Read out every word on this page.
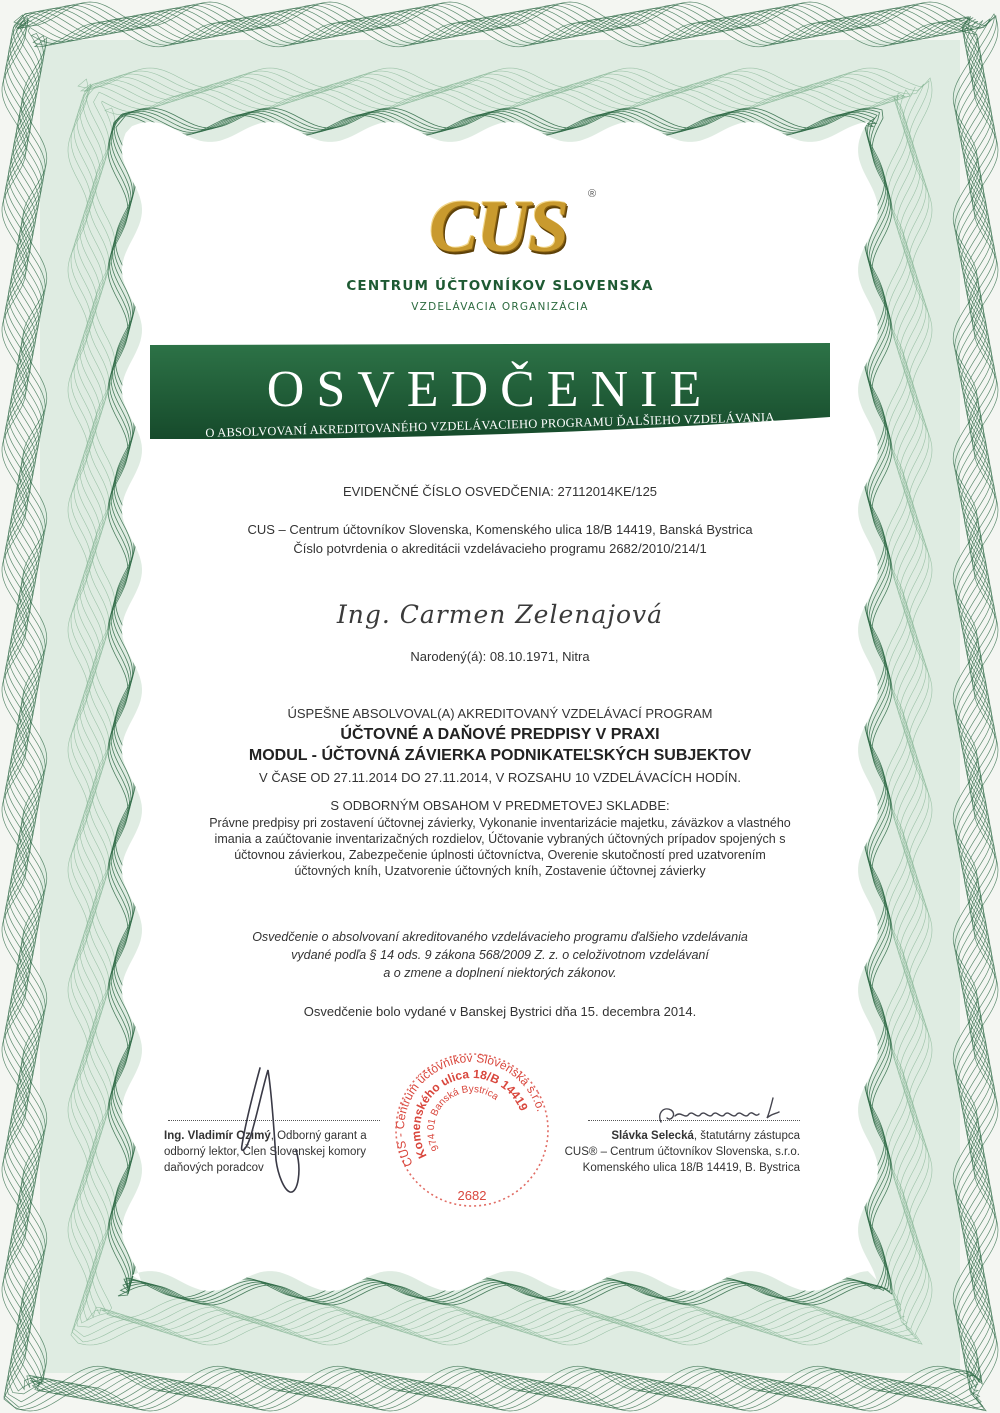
CUS	®
CENTRUM ÚČTOVNÍKOV SLOVENSKA
VZDELÁVACIA ORGANIZÁCIA
OSVEDČENIE
O ABSOLVOVANÍ AKREDITOVANÉHO VZDELÁVACIEHO PROGRAMU ĎALŠIEHO VZDELÁVANIA
EVIDENČNÉ ČÍSLO OSVEDČENIA: 27112014KE/125
CUS – Centrum účtovníkov Slovenska, Komenského ulica 18/B 14419, Banská Bystrica
Číslo potvrdenia o akreditácii vzdelávacieho programu 2682/2010/214/1
Ing. Carmen Zelenajová
Narodený(á): 08.10.1971, Nitra
ÚSPEŠNE ABSOLVOVAL(A) AKREDITOVANÝ VZDELÁVACÍ PROGRAM
ÚČTOVNÉ A DAŇOVÉ PREDPISY V PRAXI
MODUL - ÚČTOVNÁ ZÁVIERKA PODNIKATEĽSKÝCH SUBJEKTOV
V ČASE OD 27.11.2014 DO 27.11.2014, V ROZSAHU 10 VZDELÁVACÍCH HODÍN.
S ODBORNÝM OBSAHOM V PREDMETOVEJ SKLADBE:
Právne predpisy pri zostavení účtovnej závierky, Vykonanie inventarizácie majetku, záväzkov a vlastného
imania a zaúčtovanie inventarizačných rozdielov, Účtovanie vybraných účtovných prípadov spojených s
účtovnou závierkou, Zabezpečenie úplnosti účtovníctva, Overenie skutočností pred uzatvorením
účtovných kníh, Uzatvorenie účtovných kníh, Zostavenie účtovnej závierky
Osvedčenie o absolvovaní akreditovaného vzdelávacieho programu ďalšieho vzdelávania
vydané podľa § 14 ods. 9 zákona 568/2009 Z. z. o celoživotnom vzdelávaní
a o zmene a doplnení niektorých zákonov.
Osvedčenie bolo vydané v Banskej Bystrici dňa 15. decembra 2014.
Ing. Vladimír Ozimý, Odborný garant a
odborný lektor, Člen Slovenskej komory
daňových poradcov
Slávka Selecká, štatutárny zástupca
CUS® – Centrum účtovníkov Slovenska, s.r.o.
Komenského ulica 18/B 14419, B. Bystrica
CUS - Centrum účtovníkov Slovenska s.r.o.
Komenského ulica 18/B 14419
974 01 Banská Bystrica
2682
